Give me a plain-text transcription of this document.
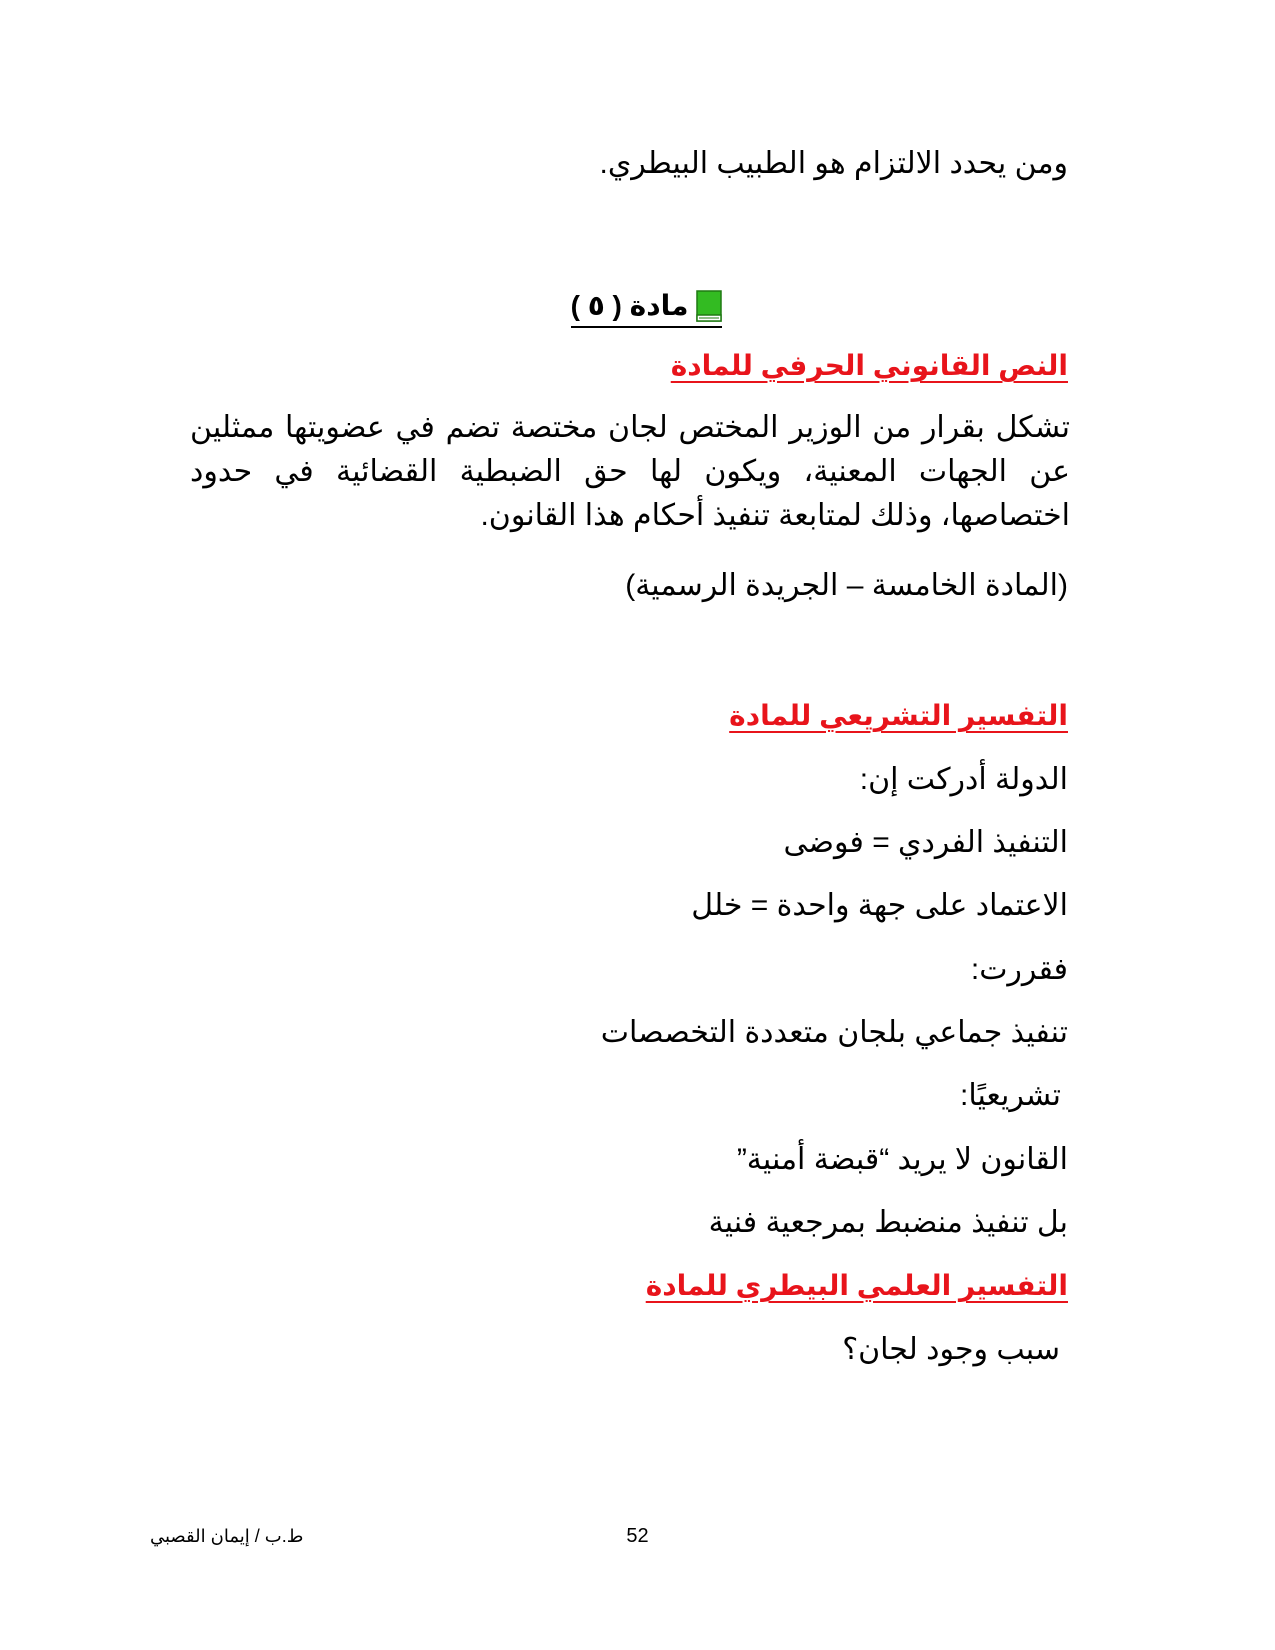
ومن يحدد الالتزام هو الطبيب البيطري.
مادة ( ٥ )
النص القانوني الحرفي للمادة
تشكل بقرار من الوزير المختص لجان مختصة تضم في عضويتها ممثلين عن الجهات المعنية، ويكون لها حق الضبطية القضائية في حدود اختصاصها، وذلك لمتابعة تنفيذ أحكام هذا القانون.
(المادة الخامسة – الجريدة الرسمية)
التفسير التشريعي للمادة
الدولة أدركت إن:
التنفيذ الفردي = فوضى
الاعتماد على جهة واحدة = خلل
فقررت:
تنفيذ جماعي بلجان متعددة التخصصات
تشريعيًا:
القانون لا يريد “قبضة أمنية”
بل تنفيذ منضبط بمرجعية فنية
التفسير العلمي البيطري للمادة
سبب وجود لجان؟
ط.ب / إيمان القصبي	52
